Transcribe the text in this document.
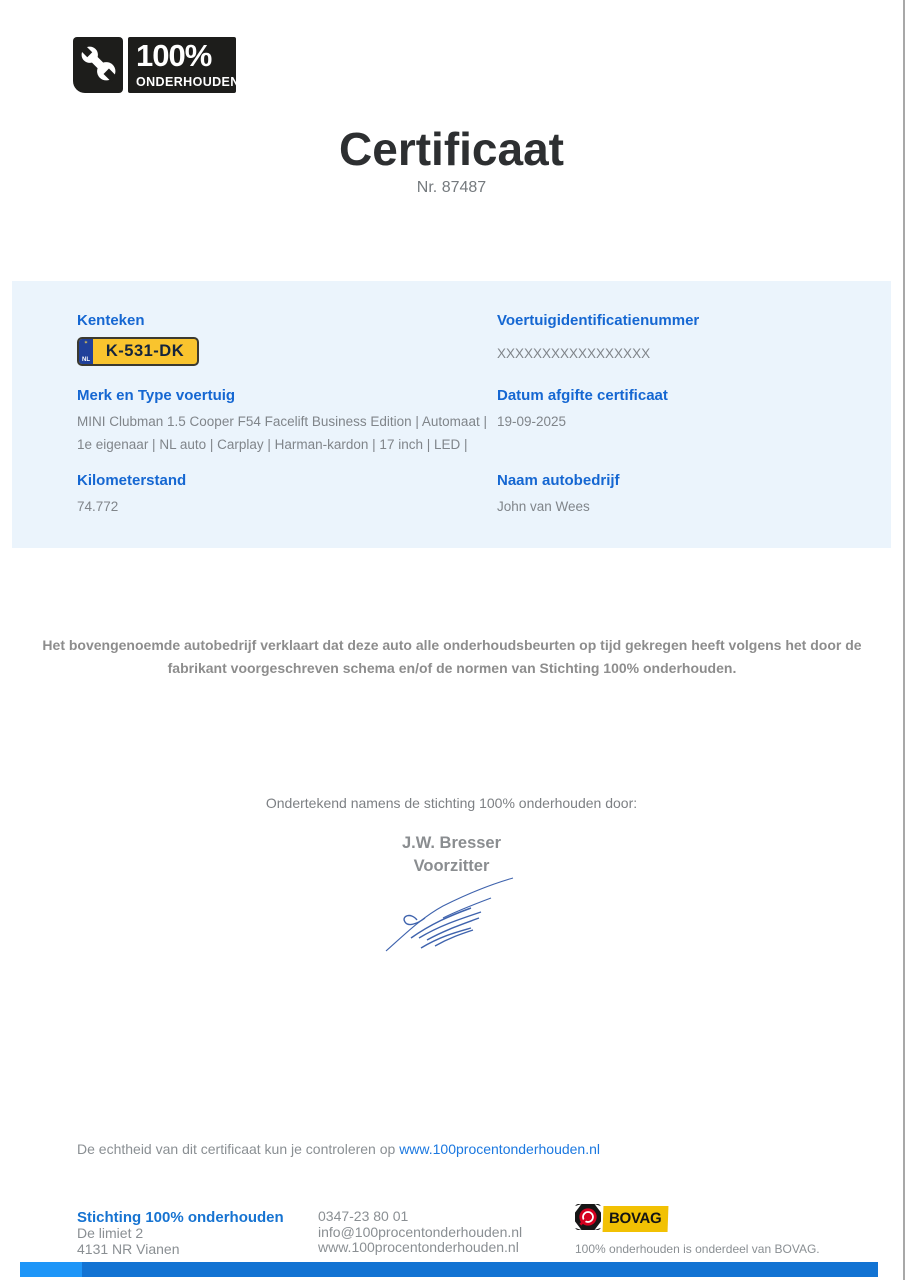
100%
ONDERHOUDEN
Certificaat
Nr. 87487
Kenteken
✶
NL K-531-DK
Voertuigidentificatienummer
XXXXXXXXXXXXXXXXX
Merk en Type voertuig
MINI Clubman 1.5 Cooper F54 Facelift Business Edition | Automaat | 1e eigenaar | NL auto | Carplay | Harman-kardon | 17 inch | LED |
Datum afgifte certificaat
19-09-2025
Kilometerstand
74.772
Naam autobedrijf
John van Wees
Het bovengenoemde autobedrijf verklaart dat deze auto alle onderhoudsbeurten op tijd gekregen heeft volgens het door de fabrikant voorgeschreven schema en/of de normen van Stichting 100% onderhouden.
Ondertekend namens de stichting 100% onderhouden door:
J.W. Bresser
Voorzitter
De echtheid van dit certificaat kun je controleren op www.100procentonderhouden.nl
Stichting 100% onderhouden
De limiet 2
4131 NR Vianen
0347-23 80 01
info@100procentonderhouden.nl
www.100procentonderhouden.nl
BOVAG
100% onderhouden is onderdeel van BOVAG.
